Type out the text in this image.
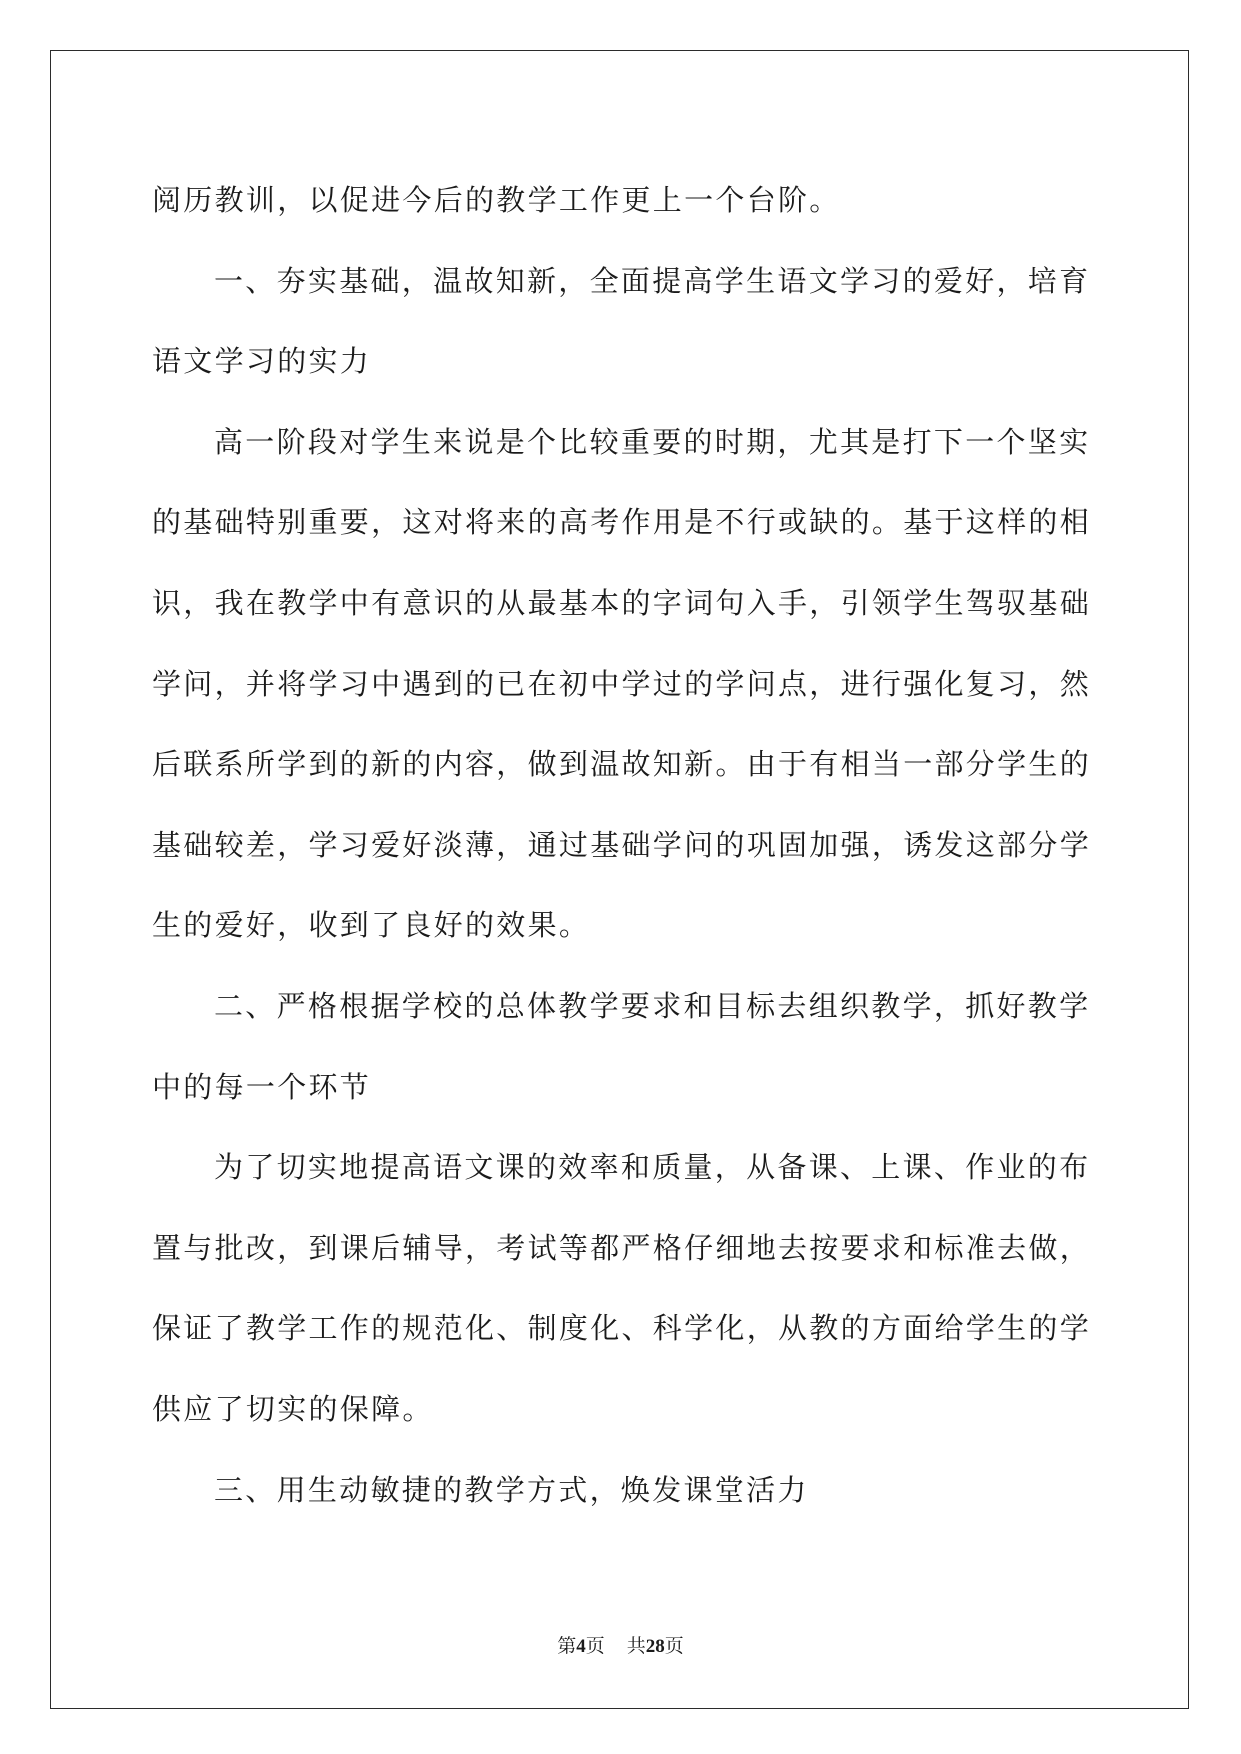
阅历教训，以促进今后的教学工作更上一个台阶。
一、夯实基础，温故知新，全面提高学生语文学习的爱好，培育
语文学习的实力
高一阶段对学生来说是个比较重要的时期，尤其是打下一个坚实
的基础特别重要，这对将来的高考作用是不行或缺的。基于这样的相
识，我在教学中有意识的从最基本的字词句入手，引领学生驾驭基础
学问，并将学习中遇到的已在初中学过的学问点，进行强化复习，然
后联系所学到的新的内容，做到温故知新。由于有相当一部分学生的
基础较差，学习爱好淡薄，通过基础学问的巩固加强，诱发这部分学
生的爱好，收到了良好的效果。
二、严格根据学校的总体教学要求和目标去组织教学，抓好教学
中的每一个环节
为了切实地提高语文课的效率和质量，从备课、上课、作业的布
置与批改，到课后辅导，考试等都严格仔细地去按要求和标准去做，
保证了教学工作的规范化、制度化、科学化，从教的方面给学生的学
供应了切实的保障。
三、用生动敏捷的教学方式，焕发课堂活力
第4页 共28页
